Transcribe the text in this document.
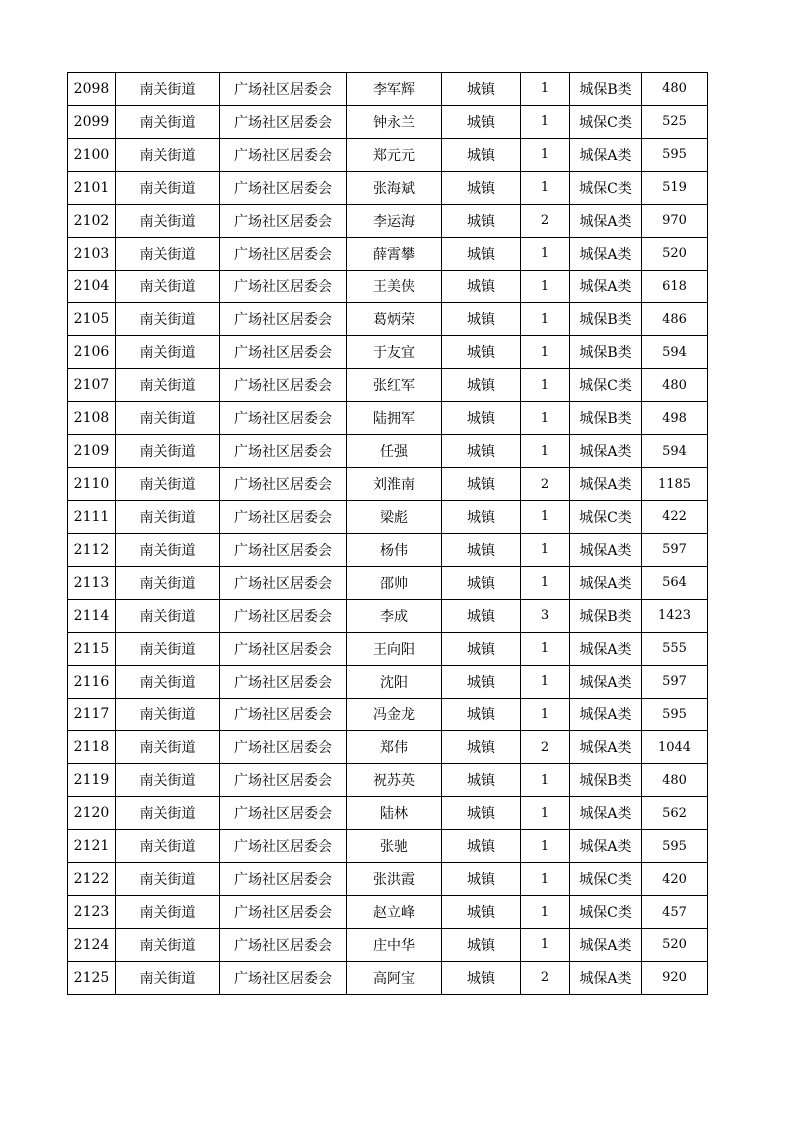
2098	南关街道	广场社区居委会	李军辉	城镇	1	城保B类	480
2099	南关街道	广场社区居委会	钟永兰	城镇	1	城保C类	525
2100	南关街道	广场社区居委会	郑元元	城镇	1	城保A类	595
2101	南关街道	广场社区居委会	张海斌	城镇	1	城保C类	519
2102	南关街道	广场社区居委会	李运海	城镇	2	城保A类	970
2103	南关街道	广场社区居委会	薛霄攀	城镇	1	城保A类	520
2104	南关街道	广场社区居委会	王美侠	城镇	1	城保A类	618
2105	南关街道	广场社区居委会	葛炳荣	城镇	1	城保B类	486
2106	南关街道	广场社区居委会	于友宜	城镇	1	城保B类	594
2107	南关街道	广场社区居委会	张红军	城镇	1	城保C类	480
2108	南关街道	广场社区居委会	陆拥军	城镇	1	城保B类	498
2109	南关街道	广场社区居委会	任强	城镇	1	城保A类	594
2110	南关街道	广场社区居委会	刘淮南	城镇	2	城保A类	1185
2111	南关街道	广场社区居委会	梁彪	城镇	1	城保C类	422
2112	南关街道	广场社区居委会	杨伟	城镇	1	城保A类	597
2113	南关街道	广场社区居委会	邵帅	城镇	1	城保A类	564
2114	南关街道	广场社区居委会	李成	城镇	3	城保B类	1423
2115	南关街道	广场社区居委会	王向阳	城镇	1	城保A类	555
2116	南关街道	广场社区居委会	沈阳	城镇	1	城保A类	597
2117	南关街道	广场社区居委会	冯金龙	城镇	1	城保A类	595
2118	南关街道	广场社区居委会	郑伟	城镇	2	城保A类	1044
2119	南关街道	广场社区居委会	祝苏英	城镇	1	城保B类	480
2120	南关街道	广场社区居委会	陆林	城镇	1	城保A类	562
2121	南关街道	广场社区居委会	张驰	城镇	1	城保A类	595
2122	南关街道	广场社区居委会	张洪霞	城镇	1	城保C类	420
2123	南关街道	广场社区居委会	赵立峰	城镇	1	城保C类	457
2124	南关街道	广场社区居委会	庄中华	城镇	1	城保A类	520
2125	南关街道	广场社区居委会	高阿宝	城镇	2	城保A类	920
